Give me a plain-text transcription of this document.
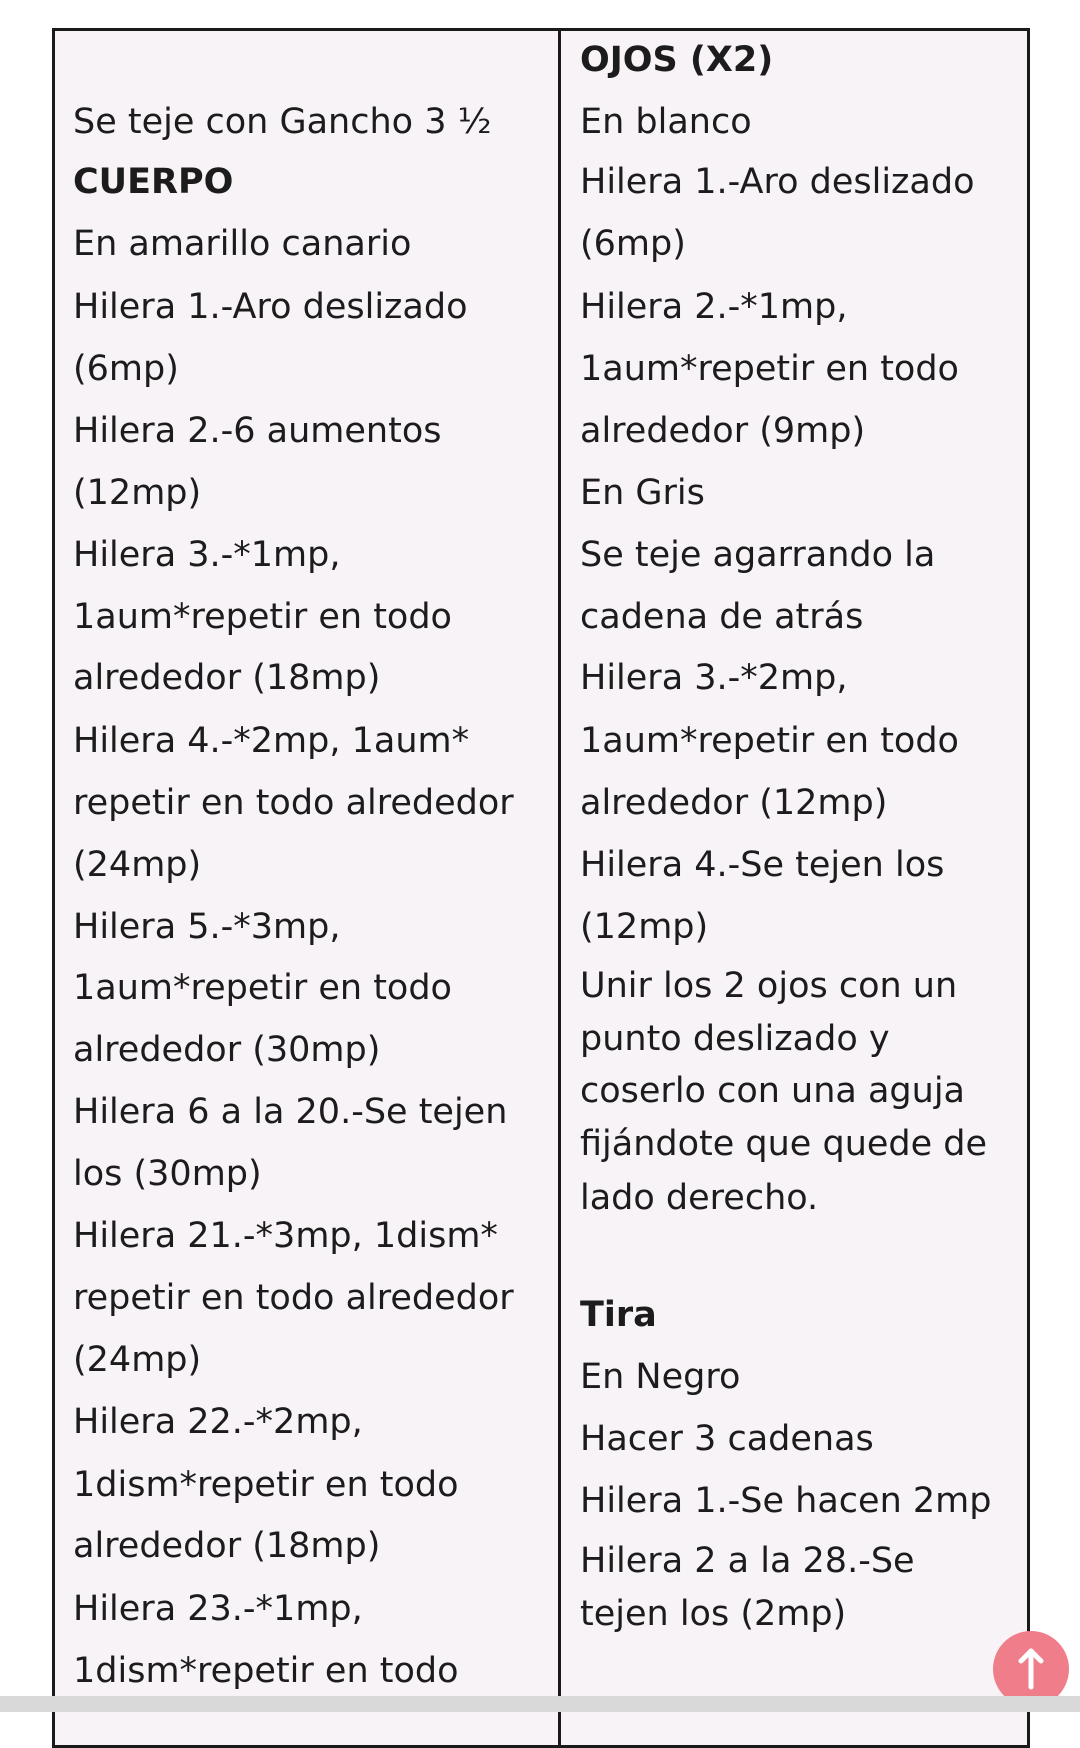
Se teje con Gancho 3 ½
CUERPO
En amarillo canario
Hilera 1.-Aro deslizado
(6mp)
Hilera 2.-6 aumentos
(12mp)
Hilera 3.-*1mp,
1aum*repetir en todo
alrededor (18mp)
Hilera 4.-*2mp, 1aum*
repetir en todo alrededor
(24mp)
Hilera 5.-*3mp,
1aum*repetir en todo
alrededor (30mp)
Hilera 6 a la 20.-Se tejen
los (30mp)
Hilera 21.-*3mp, 1dism*
repetir en todo alrededor
(24mp)
Hilera 22.-*2mp,
1dism*repetir en todo
alrededor (18mp)
Hilera 23.-*1mp,
1dism*repetir en todo
OJOS (X2)
En blanco
Hilera 1.-Aro deslizado
(6mp)
Hilera 2.-*1mp,
1aum*repetir en todo
alrededor (9mp)
En Gris
Se teje agarrando la
cadena de atrás
Hilera 3.-*2mp,
1aum*repetir en todo
alrededor (12mp)
Hilera 4.-Se tejen los
(12mp)
Unir los 2 ojos con un
punto deslizado y
coserlo con una aguja
fijándote que quede de
lado derecho.
Tira
En Negro
Hacer 3 cadenas
Hilera 1.-Se hacen 2mp
Hilera 2 a la 28.-Se
tejen los (2mp)
